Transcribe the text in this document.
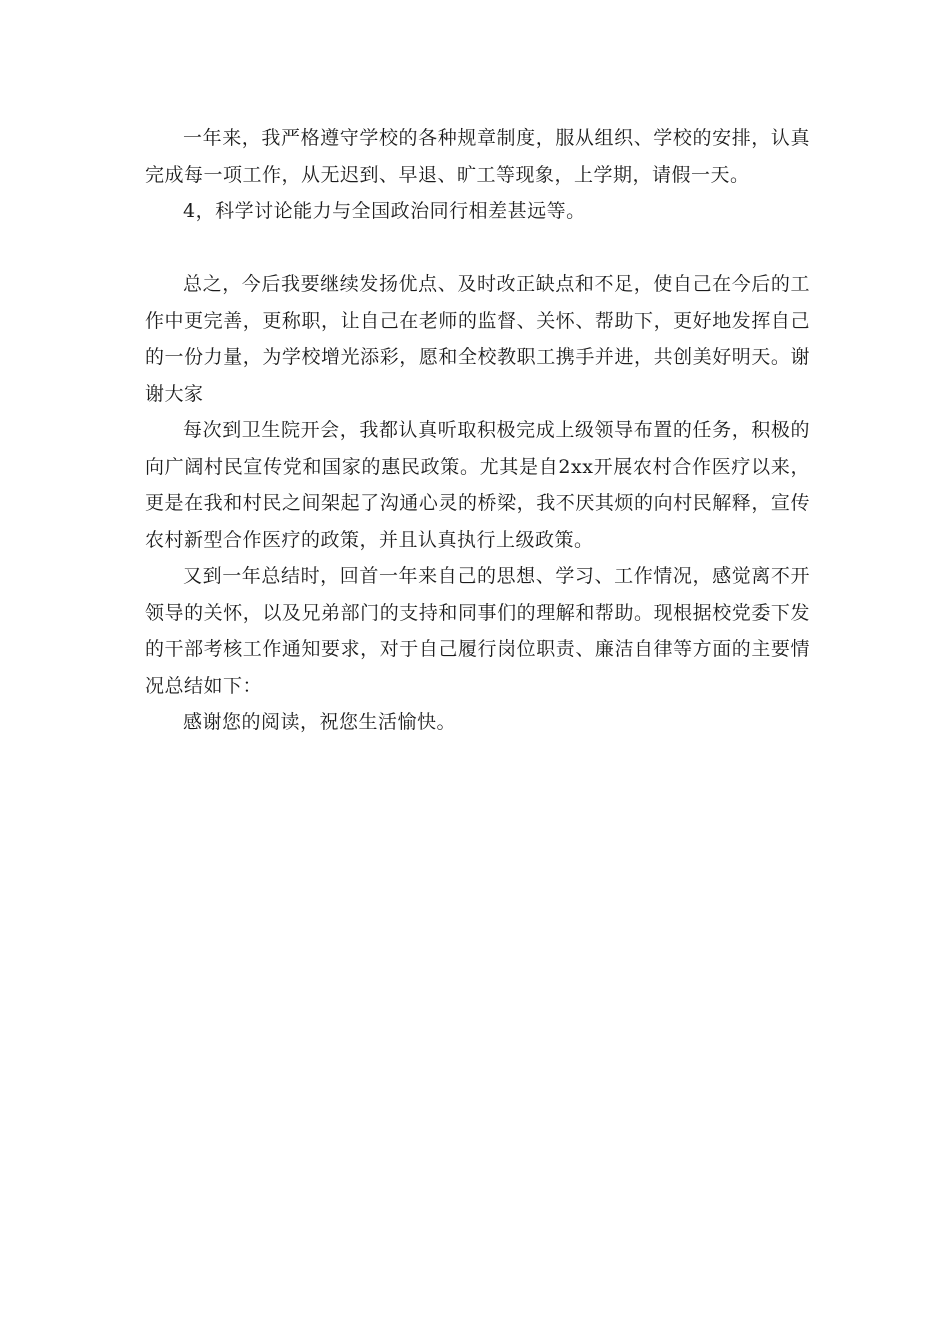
一年来，我严格遵守学校的各种规章制度，服从组织、学校的安排，认真完成每一项工作，从无迟到、早退、旷工等现象，上学期，请假一天。

4，科学讨论能力与全国政治同行相差甚远等。

总之，今后我要继续发扬优点、及时改正缺点和不足，使自己在今后的工作中更完善，更称职，让自己在老师的监督、关怀、帮助下，更好地发挥自己的一份力量，为学校增光添彩，愿和全校教职工携手并进，共创美好明天。谢谢大家

每次到卫生院开会，我都认真听取积极完成上级领导布置的任务，积极的向广阔村民宣传党和国家的惠民政策。尤其是自2xx开展农村合作医疗以来，更是在我和村民之间架起了沟通心灵的桥梁，我不厌其烦的向村民解释，宣传农村新型合作医疗的政策，并且认真执行上级政策。

又到一年总结时，回首一年来自己的思想、学习、工作情况，感觉离不开领导的关怀，以及兄弟部门的支持和同事们的理解和帮助。现根据校党委下发的干部考核工作通知要求，对于自己履行岗位职责、廉洁自律等方面的主要情况总结如下：

感谢您的阅读，祝您生活愉快。
